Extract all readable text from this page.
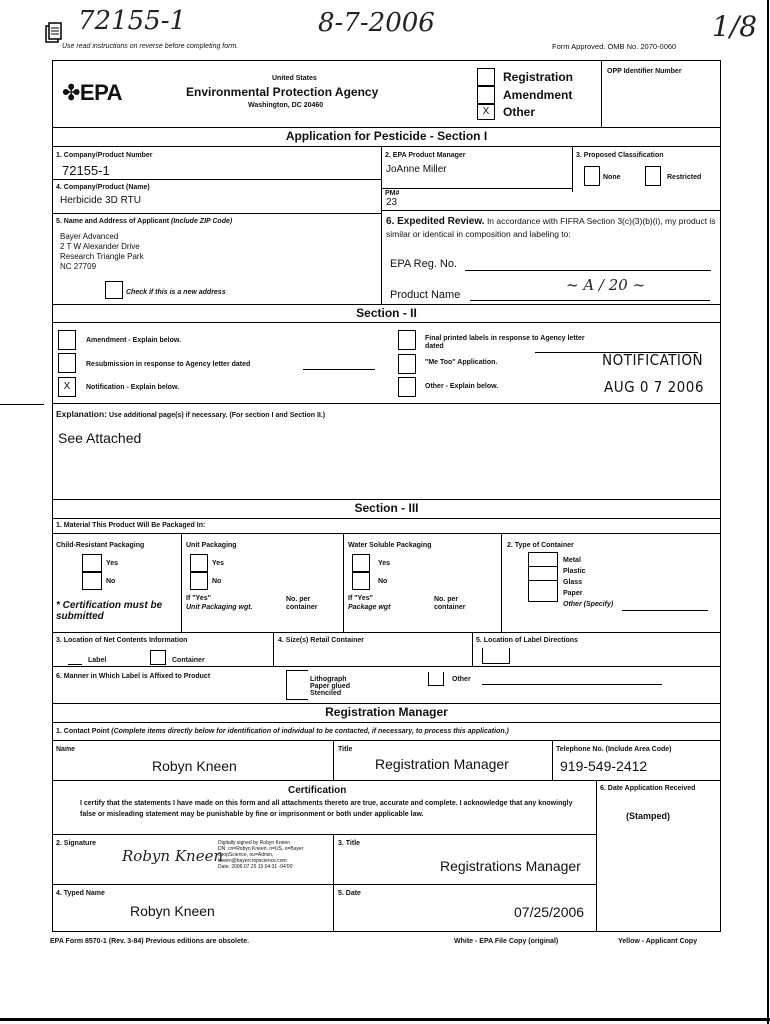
72155-1	8-7-2006	1/8
Use read instructions on reverse before completing form.	Form Approved. OMB No. 2070-0060
✤EPA
United States
Environmental Protection Agency
Washington, DC 20460
X
Registration
Amendment
Other
OPP Identifier Number
Application for Pesticide - Section I
1. Company/Product Number
72155-1
2. EPA Product Manager
JoAnne Miller
3. Proposed Classification
None	Restricted
4. Company/Product (Name)
Herbicide 3D RTU
PM#
23
5. Name and Address of Applicant (Include ZIP Code)
Bayer Advanced
2 T W Alexander Drive
Research Triangle Park
NC 27709
Check if this is a new address
6. Expedited Review. In accordance with FIFRA Section 3(c)(3)(b)(i), my product is similar or identical in composition and labeling to:
EPA Reg. No.
Product Name
~ A / 20 ~
Section - II
Amendment - Explain below.
Resubmission in response to Agency letter dated
X	Notification - Explain below.
Final printed labels in response to Agency letter dated
"Me Too" Application.
Other - Explain below.
NOTIFICATION
AUG 0 7 2006
Explanation: Use additional page(s) if necessary. (For section I and Section II.)
See Attached
Section - III
1. Material This Product Will Be Packaged In:
Child-Resistant Packaging
Yes
No
* Certification must be submitted
Unit Packaging
Yes
No
If "Yes"
Unit Packaging wgt.
No. per container
Water Soluble Packaging
Yes
No
If "Yes"
Package wgt
No. per container
2. Type of Container
Metal
Plastic
Glass
Paper
Other (Specify)
3. Location of Net Contents Information
Label	Container
4. Size(s) Retail Container	5. Location of Label Directions
6. Manner in Which Label is Affixed to Product	Lithograph
Paper glued
Stenciled
Other
Registration Manager
1. Contact Point (Complete items directly below for identification of individual to be contacted, if necessary, to process this application.)
Name
Robyn Kneen
Title
Registration Manager
Telephone No. (Include Area Code)
919-549-2412
Certification
I certify that the statements I have made on this form and all attachments thereto are true, accurate and complete. I acknowledge that any knowingly false or misleading statement may be punishable by fine or imprisonment or both under applicable law.
6. Date Application Received
(Stamped)
2. Signature
Robyn Kneen
Digitally signed by Robyn Kneen
DN: cn=Robyn Kneen, o=US, o=Bayer
CropScience, ou=Admin,
kneen@bayercropscience.com
Date: 2006.07.25 15:04:31 -04'00'
3. Title
Registrations Manager
4. Typed Name
Robyn Kneen
5. Date
07/25/2006
EPA Form 8570-1 (Rev. 3-84) Previous editions are obsolete.	White - EPA File Copy (original)	Yellow - Applicant Copy
